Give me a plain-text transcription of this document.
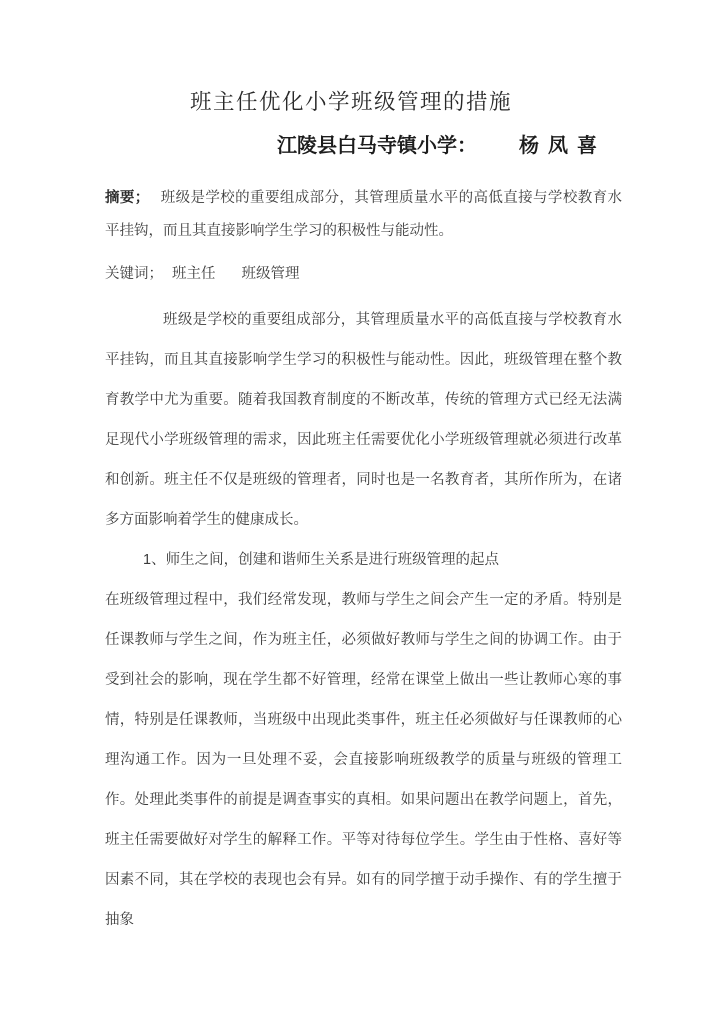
班主任优化小学班级管理的措施
江陵县白马寺镇小学： 杨凤喜

摘要； 班级是学校的重要组成部分，其管理质量水平的高低直接与学校教育水平挂钩，而且其直接影响学生学习的积极性与能动性。

关键词； 班主任 班级管理

班级是学校的重要组成部分，其管理质量水平的高低直接与学校教育水平挂钩，而且其直接影响学生学习的积极性与能动性。因此，班级管理在整个教育教学中尤为重要。随着我国教育制度的不断改革，传统的管理方式已经无法满足现代小学班级管理的需求，因此班主任需要优化小学班级管理就必须进行改革和创新。班主任不仅是班级的管理者，同时也是一名教育者，其所作所为，在诸多方面影响着学生的健康成长。

1、师生之间，创建和谐师生关系是进行班级管理的起点

在班级管理过程中，我们经常发现，教师与学生之间会产生一定的矛盾。特别是任课教师与学生之间，作为班主任，必须做好教师与学生之间的协调工作。由于受到社会的影响，现在学生都不好管理，经常在课堂上做出一些让教师心寒的事情，特别是任课教师，当班级中出现此类事件，班主任必须做好与任课教师的心理沟通工作。因为一旦处理不妥，会直接影响班级教学的质量与班级的管理工作。处理此类事件的前提是调查事实的真相。如果问题出在教学问题上，首先，班主任需要做好对学生的解释工作。平等对待每位学生。学生由于性格、喜好等因素不同，其在学校的表现也会有异。如有的同学擅于动手操作、有的学生擅于抽象
